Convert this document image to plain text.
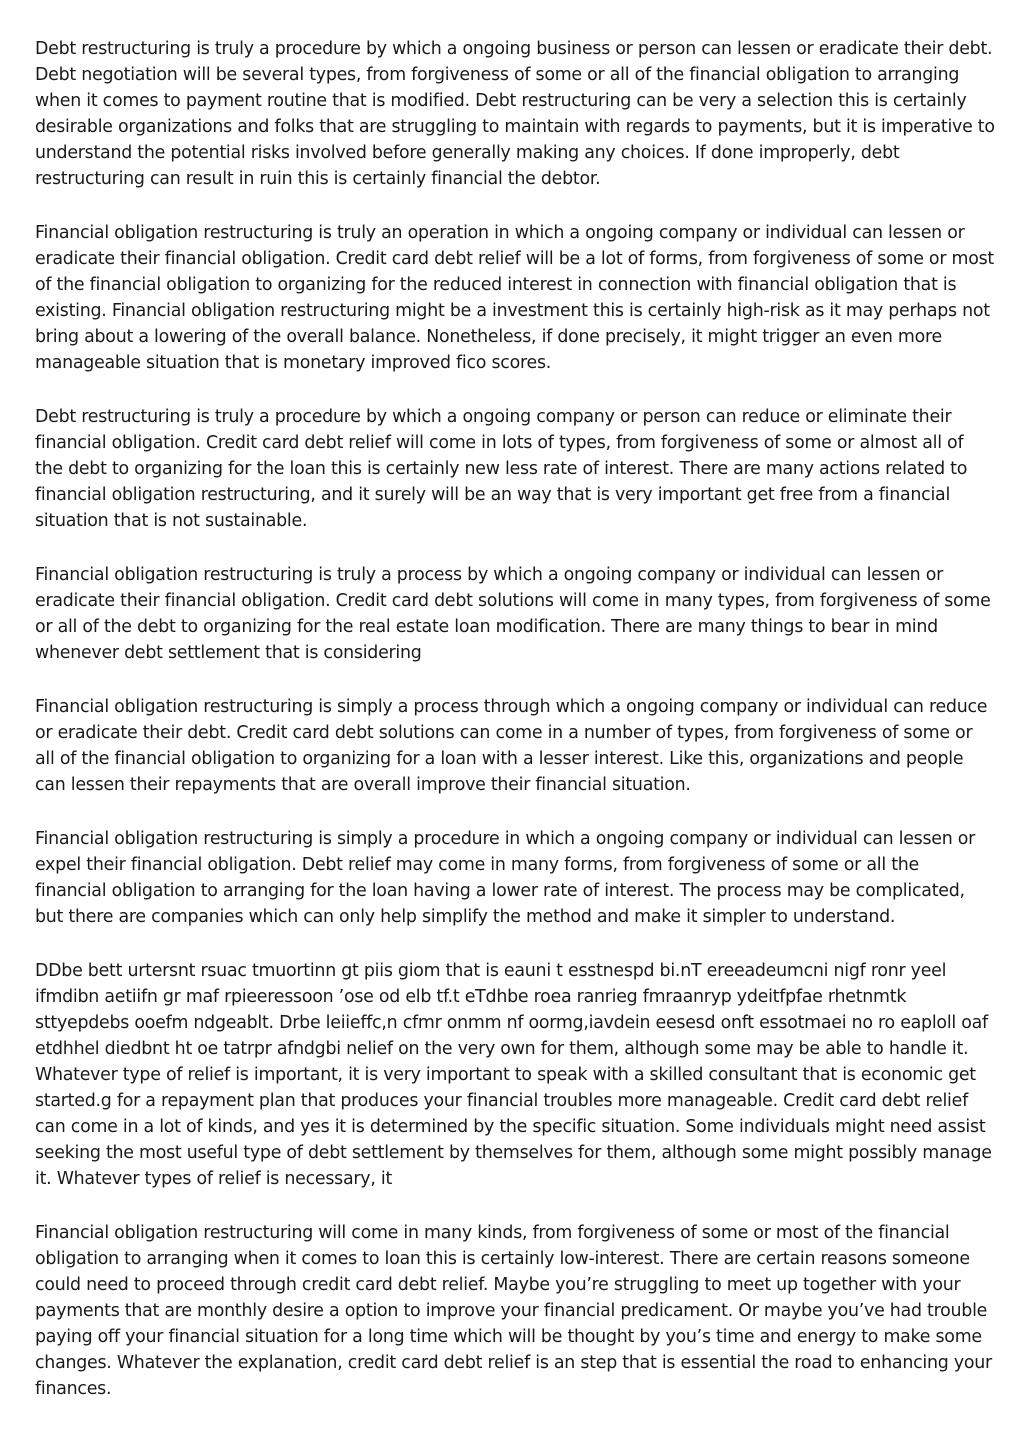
Debt restructuring is truly a procedure by which a ongoing business or person can lessen or eradicate their debt. Debt negotiation will be several types, from forgiveness of some or all of the financial obligation to arranging when it comes to payment routine that is modified. Debt restructuring can be very a selection this is certainly desirable organizations and folks that are struggling to maintain with regards to payments, but it is imperative to understand the potential risks involved before generally making any choices. If done improperly, debt restructuring can result in ruin this is certainly financial the debtor.

Financial obligation restructuring is truly an operation in which a ongoing company or individual can lessen or eradicate their financial obligation. Credit card debt relief will be a lot of forms, from forgiveness of some or most of the financial obligation to organizing for the reduced interest in connection with financial obligation that is existing. Financial obligation restructuring might be a investment this is certainly high-risk as it may perhaps not bring about a lowering of the overall balance. Nonetheless, if done precisely, it might trigger an even more manageable situation that is monetary improved fico scores.

Debt restructuring is truly a procedure by which a ongoing company or person can reduce or eliminate their financial obligation. Credit card debt relief will come in lots of types, from forgiveness of some or almost all of the debt to organizing for the loan this is certainly new less rate of interest. There are many actions related to financial obligation restructuring, and it surely will be an way that is very important get free from a financial situation that is not sustainable.

Financial obligation restructuring is truly a process by which a ongoing company or individual can lessen or eradicate their financial obligation. Credit card debt solutions will come in many types, from forgiveness of some or all of the debt to organizing for the real estate loan modification. There are many things to bear in mind whenever debt settlement that is considering

Financial obligation restructuring is simply a process through which a ongoing company or individual can reduce or eradicate their debt. Credit card debt solutions can come in a number of types, from forgiveness of some or all of the financial obligation to organizing for a loan with a lesser interest. Like this, organizations and people can lessen their repayments that are overall improve their financial situation.

Financial obligation restructuring is simply a procedure in which a ongoing company or individual can lessen or expel their financial obligation. Debt relief may come in many forms, from forgiveness of some or all the financial obligation to arranging for the loan having a lower rate of interest. The process may be complicated, but there are companies which can only help simplify the method and make it simpler to understand.

DDbe bett urtersnt rsuac tmuortinn gt piis giom that is eauni t esstnespd bi.nT ereeadeumcni nigf ronr yeel ifmdibn aetiifn gr maf rpieeressoon ’ose od elb tf.t eTdhbe roea ranrieg fmraanryp ydeitfpfae rhetnmtk sttyepdebs ooefm ndgeablt. Drbe leiieffc,n cfmr onmm nf oormg,iavdein eesesd onft essotmaei no ro eaploll oaf etdhhel diedbnt ht oe tatrpr afndgbi nelief on the very own for them, although some may be able to handle it. Whatever type of relief is important, it is very important to speak with a skilled consultant that is economic get started.g for a repayment plan that produces your financial troubles more manageable. Credit card debt relief can come in a lot of kinds, and yes it is determined by the specific situation. Some individuals might need assist seeking the most useful type of debt settlement by themselves for them, although some might possibly manage it. Whatever types of relief is necessary, it

Financial obligation restructuring will come in many kinds, from forgiveness of some or most of the financial obligation to arranging when it comes to loan this is certainly low-interest. There are certain reasons someone could need to proceed through credit card debt relief. Maybe you’re struggling to meet up together with your payments that are monthly desire a option to improve your financial predicament. Or maybe you’ve had trouble paying off your financial situation for a long time which will be thought by you’s time and energy to make some changes. Whatever the explanation, credit card debt relief is an step that is essential the road to enhancing your finances.
